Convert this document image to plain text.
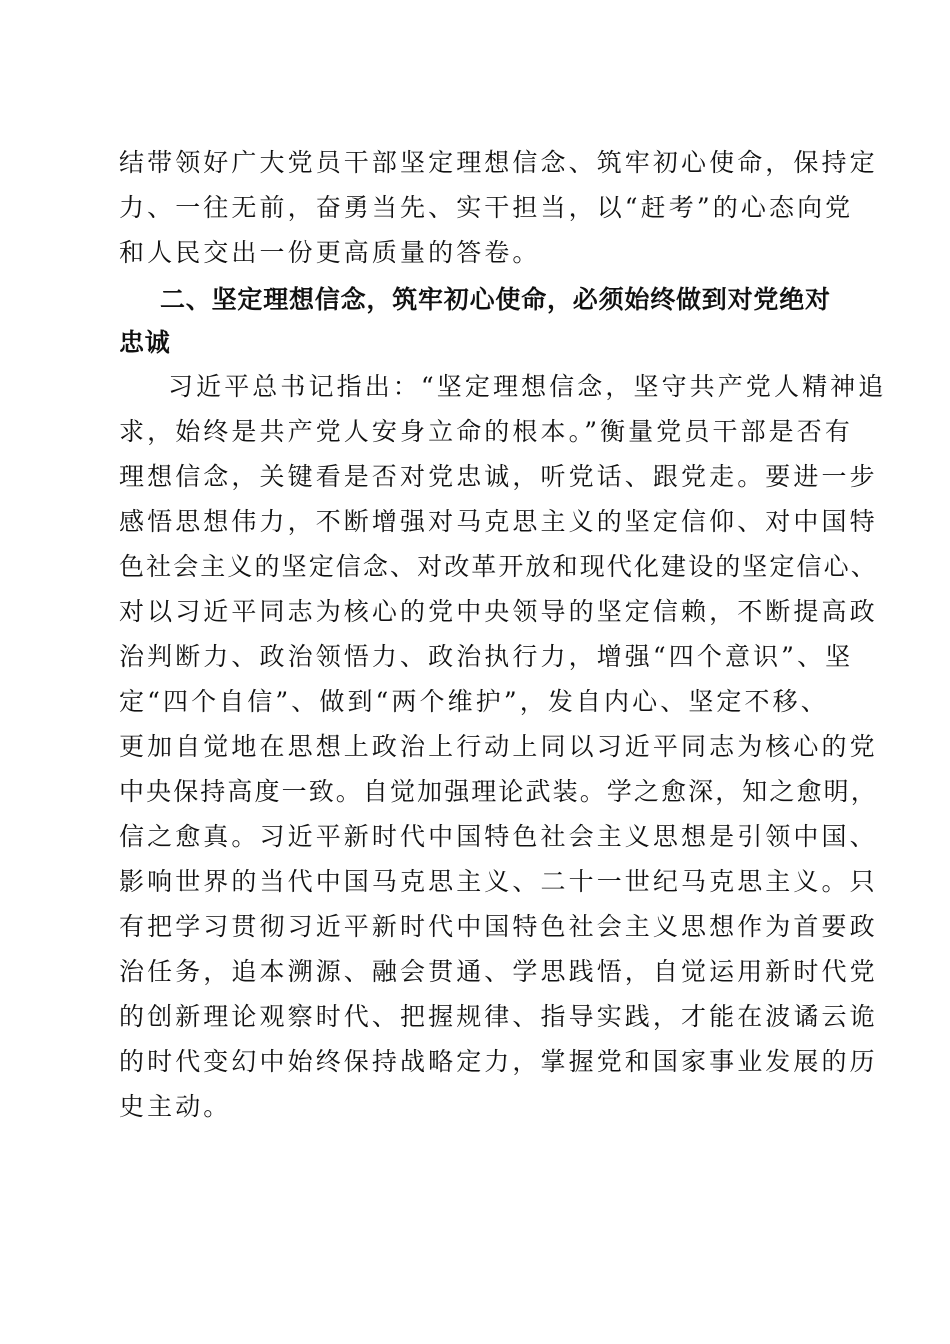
结带领好广大党员干部坚定理想信念、筑牢初心使命，保持定
力、一往无前，奋勇当先、实干担当，以“赶考”的心态向党
和人民交出一份更高质量的答卷。
二、坚定理想信念，筑牢初心使命，必须始终做到对党绝对
忠诚
习近平总书记指出：“坚定理想信念，坚守共产党人精神追
求，始终是共产党人安身立命的根本。”衡量党员干部是否有
理想信念，关键看是否对党忠诚，听党话、跟党走。要进一步
感悟思想伟力，不断增强对马克思主义的坚定信仰、对中国特
色社会主义的坚定信念、对改革开放和现代化建设的坚定信心、
对以习近平同志为核心的党中央领导的坚定信赖，不断提高政
治判断力、政治领悟力、政治执行力，增强“四个意识”、坚
定“四个自信”、做到“两个维护”，发自内心、坚定不移、
更加自觉地在思想上政治上行动上同以习近平同志为核心的党
中央保持高度一致。自觉加强理论武装。学之愈深，知之愈明，
信之愈真。习近平新时代中国特色社会主义思想是引领中国、
影响世界的当代中国马克思主义、二十一世纪马克思主义。只
有把学习贯彻习近平新时代中国特色社会主义思想作为首要政
治任务，追本溯源、融会贯通、学思践悟，自觉运用新时代党
的创新理论观察时代、把握规律、指导实践，才能在波谲云诡
的时代变幻中始终保持战略定力，掌握党和国家事业发展的历
史主动。
